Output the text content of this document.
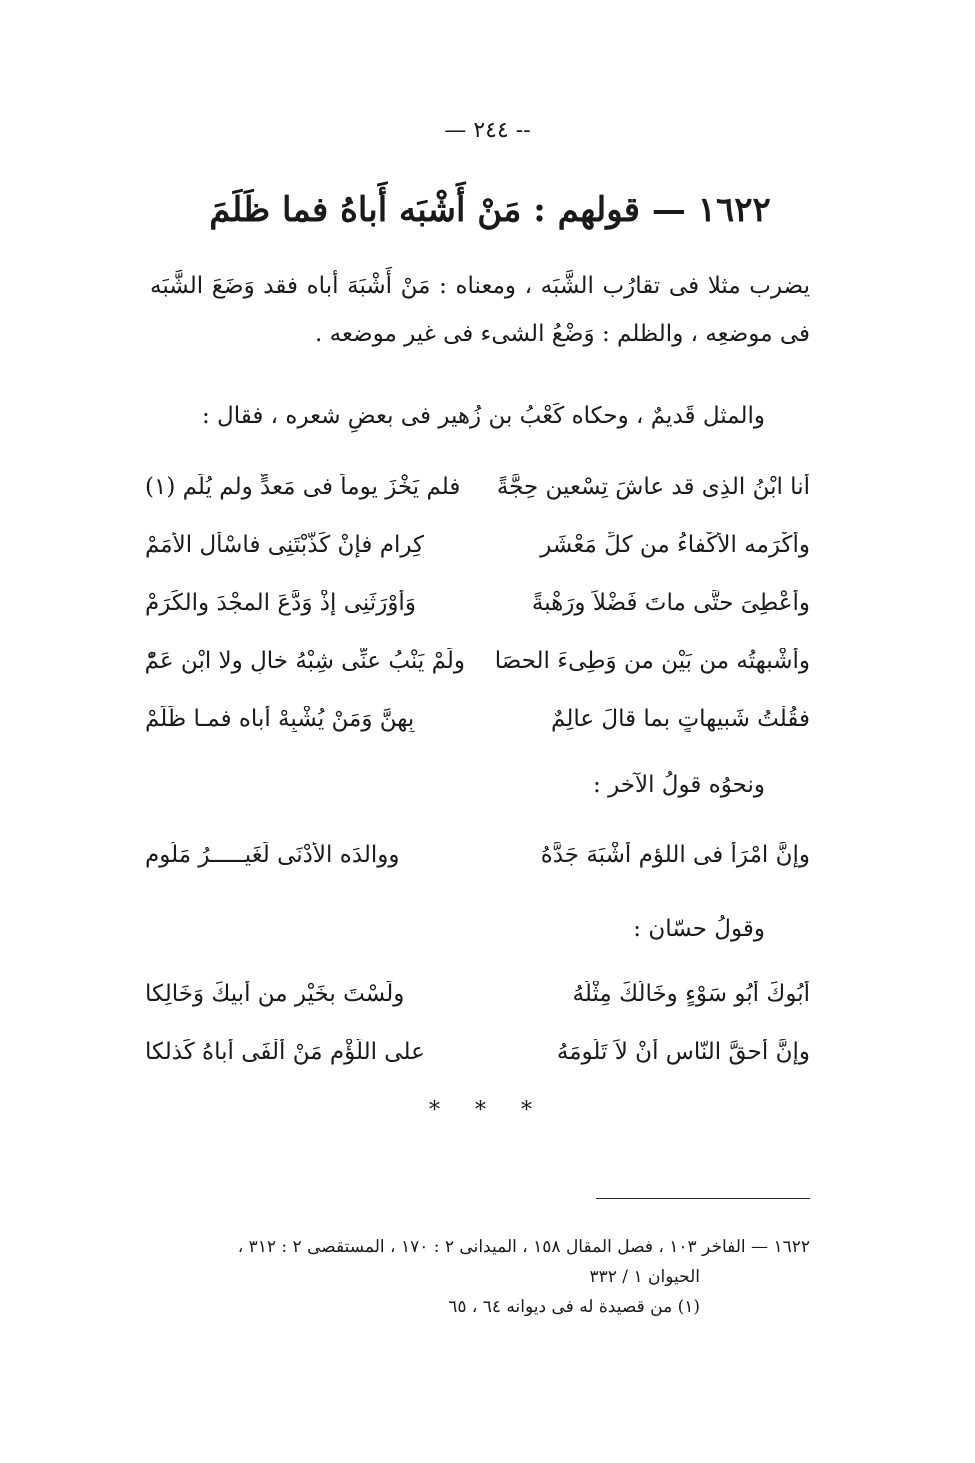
-- ٢٤٤ —
١٦٢٢ — قولهم : مَنْ أَشْبَه أَباهُ فما ظَلَمَ
يضرب مثلا فى تقارُب الشَّبَه ، ومعناه : مَنْ أَشْبَهَ أباه فقد وَضَعَ الشَّبَه فى موضعِه ، والظلم : وَضْعُ الشىء فى غير موضعه .
والمثل قَديمٌ ، وحكاه كَعْبُ بن زُهير فى بعضِ شعره ، فقال :
أنا ابْنُ الذِى قد عاشَ تِسْعين حِجَّةً
فلم يَخْزَ يوماً فى مَعدٍّ ولم يُلَمِ (١)
وأَكْرَمه الأَكْفاءُ من كلِّ مَعْشَرٍ
كِرامٍ فإنْ كَذَّبْتَنِى فاسْأَل الأُمَمْ
وأُعْطِىَ حتَّى ماتَ فَضْلاً ورَهْبةً
وَأَوْرَثَنِى إِذْ وَدَّعَ المجْدَ والكَرَمْ
وأَشْبهتُه من بَيْنِ من وَطِىءَ الحصَا
ولَمْ يَنْبُ عنِّى شِبْهُ خالٍ ولا ابْنِ عَمّْ
فقُلْتُ شَبيهاتٍ بما قالَ عالِمٌ
بِهِنَّ وَمَنْ يُشْبِهْ أباه فمـا ظَلَمْ
ونحوُه قولُ الآخر :
وإنَّ امْرَأً فى اللؤم أَشْبَهَ جَدَّهُ
ووالدَه الأَدْنَى لَغَيـــــرُ مَلُومِ
وقولُ حسّان :
أَبُوكَ أَبُو سَوْءٍ وخَالُكَ مِثْلُهُ
ولَسْتَ بخَيْرٍ من أَبيكَ وَخَالِكا
وإنَّ أحقَّ النّاسِ أنْ لاَ تَلُومَهُ
على اللُّؤْمِ مَنْ أَلْفَى أَباهُ كَذلكا
* * *
١٦٢٢ — الفاخر ١٠٣ ، فصل المقال ١٥٨ ، الميدانى ٢ : ١٧٠ ، المستقصى ٢ : ٣١٢ ،
الحيوان ١ / ٣٣٢
(١) من قصيدة له فى ديوانه ٦٤ ، ٦٥
